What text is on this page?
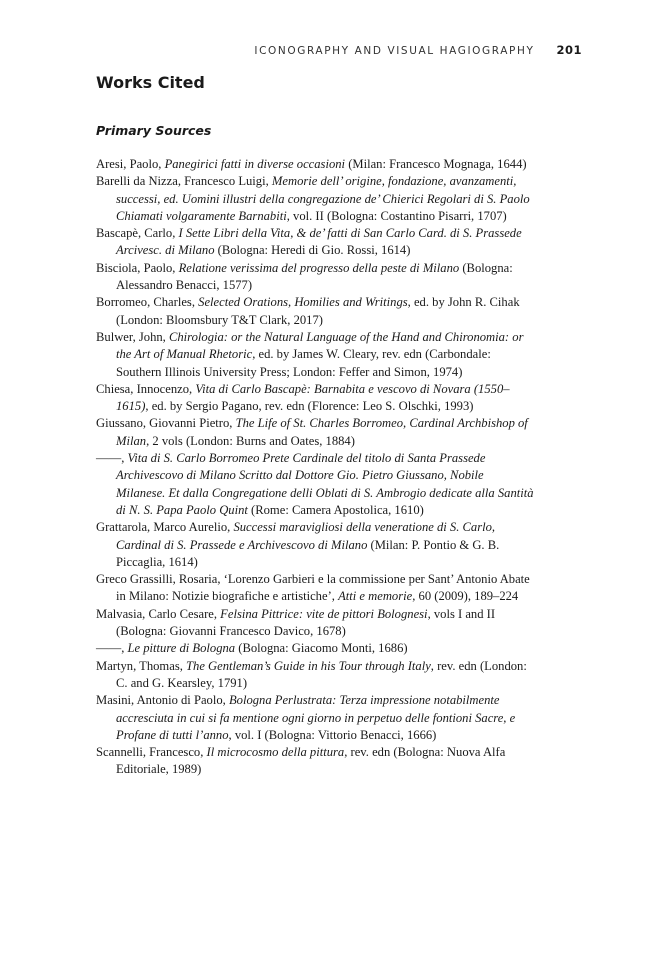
ICONOGRAPHY AND VISUAL HAGIOGRAPHY 201
Works Cited
Primary Sources

Aresi, Paolo, Panegirici fatti in diverse occasioni (Milan: Francesco Mognaga, 1644)

Barelli da Nizza, Francesco Luigi, Memorie dell’ origine, fondazione, avanzamenti, successi, ed. Uomini illustri della congregazione de’ Chierici Regolari di S. Paolo Chiamati volgaramente Barnabiti, vol. II (Bologna: Costantino Pisarri, 1707)

Bascapè, Carlo, I Sette Libri della Vita, & de’ fatti di San Carlo Card. di S. Prassede Arcivesc. di Milano (Bologna: Heredi di Gio. Rossi, 1614)

Bisciola, Paolo, Relatione verissima del progresso della peste di Milano (Bologna: Alessandro Benacci, 1577)

Borromeo, Charles, Selected Orations, Homilies and Writings, ed. by John R. Cihak (London: Bloomsbury T&T Clark, 2017)

Bulwer, John, Chirologia: or the Natural Language of the Hand and Chironomia: or the Art of Manual Rhetoric, ed. by James W. Cleary, rev. edn (Carbondale: Southern Illinois University Press; London: Feffer and Simon, 1974)

Chiesa, Innocenzo, Vita di Carlo Bascapè: Barnabita e vescovo di Novara (1550–1615), ed. by Sergio Pagano, rev. edn (Florence: Leo S. Olschki, 1993)

Giussano, Giovanni Pietro, The Life of St. Charles Borromeo, Cardinal Archbishop of Milan, 2 vols (London: Burns and Oates, 1884)

——, Vita di S. Carlo Borromeo Prete Cardinale del titolo di Santa Prassede Archivescovo di Milano Scritto dal Dottore Gio. Pietro Giussano, Nobile Milanese. Et dalla Congregatione delli Oblati di S. Ambrogio dedicate alla Santità di N. S. Papa Paolo Quint (Rome: Camera Apostolica, 1610)

Grattarola, Marco Aurelio, Successi maravigliosi della veneratione di S. Carlo, Cardinal di S. Prassede e Archivescovo di Milano (Milan: P. Pontio & G. B. Piccaglia, 1614)

Greco Grassilli, Rosaria, ‘Lorenzo Garbieri e la commissione per Sant’ Antonio Abate in Milano: Notizie biografiche e artistiche’, Atti e memorie, 60 (2009), 189–224

Malvasia, Carlo Cesare, Felsina Pittrice: vite de pittori Bolognesi, vols I and II (Bologna: Giovanni Francesco Davico, 1678)

——, Le pitture di Bologna (Bologna: Giacomo Monti, 1686)

Martyn, Thomas, The Gentleman’s Guide in his Tour through Italy, rev. edn (London: C. and G. Kearsley, 1791)

Masini, Antonio di Paolo, Bologna Perlustrata: Terza impressione notabilmente accresciuta in cui si fa mentione ogni giorno in perpetuo delle fontioni Sacre, e Profane di tutti l’anno, vol. I (Bologna: Vittorio Benacci, 1666)

Scannelli, Francesco, Il microcosmo della pittura, rev. edn (Bologna: Nuova Alfa Editoriale, 1989)
